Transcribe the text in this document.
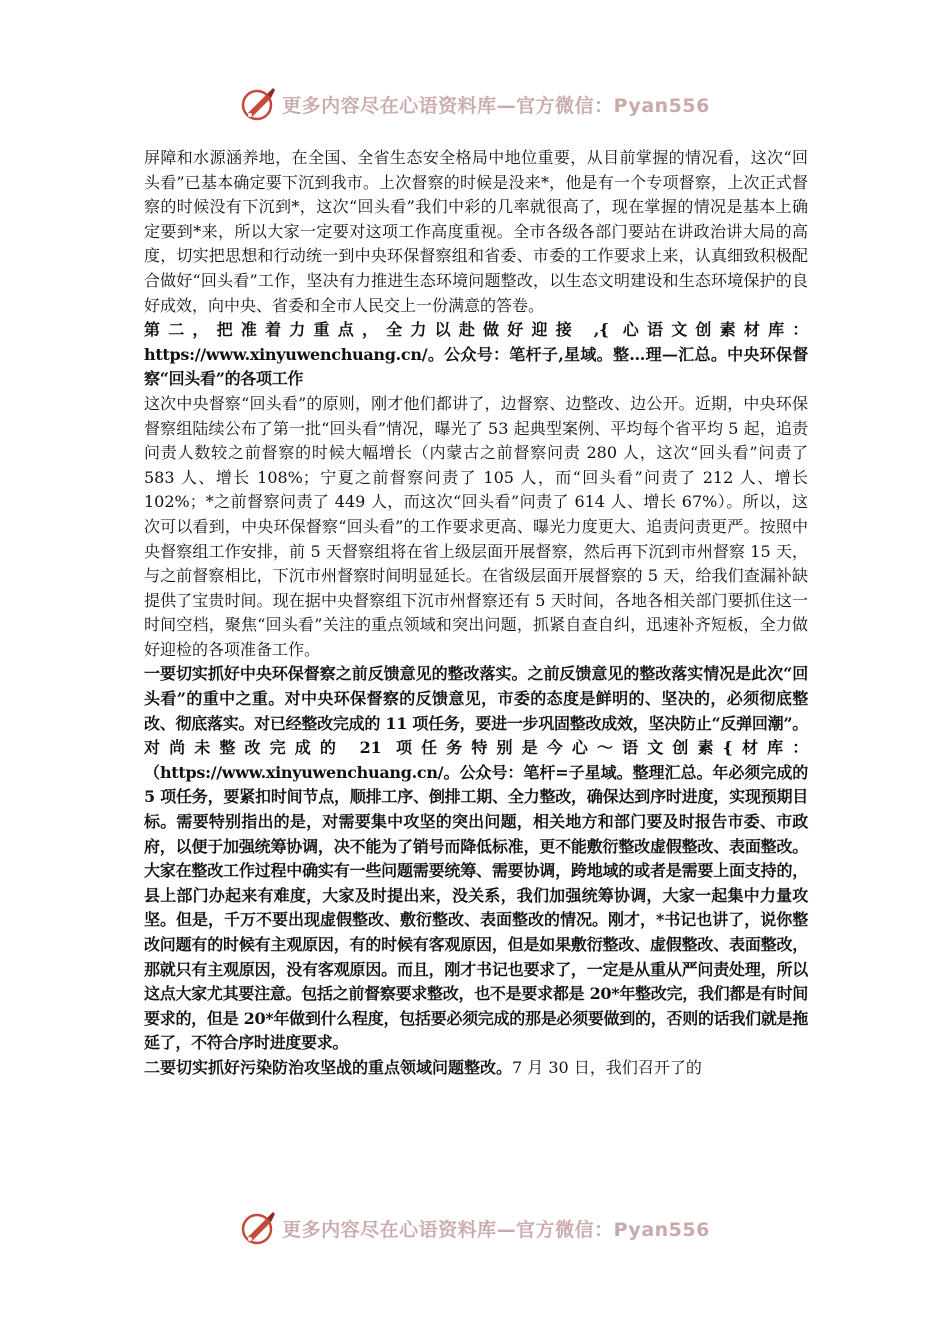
更多内容尽在心语资料库—官方微信：Pyan556

屏障和水源涵养地，在全国、全省生态安全格局中地位重要，从目前掌握的情况看，这次“回头看”已基本确定要下沉到我市。上次督察的时候是没来*，他是有一个专项督察，上次正式督察的时候没有下沉到*，这次“回头看”我们中彩的几率就很高了，现在掌握的情况是基本上确定要到*来，所以大家一定要对这项工作高度重视。全市各级各部门要站在讲政治讲大局的高度，切实把思想和行动统一到中央环保督察组和省委、市委的工作要求上来，认真细致积极配合做好“回头看”工作，坚决有力推进生态环境问题整改，以生态文明建设和生态环境保护的良好成效，向中央、省委和全市人民交上一份满意的答卷。

第二，把准着力重点，全力以赴做好迎接 ,{ 心语文创素材库： https://www.xinyuwenchuang.cn/。公众号：笔杆子,星域。整...理—汇总。中央环保督察“回头看”的各项工作

这次中央督察“回头看”的原则，刚才他们都讲了，边督察、边整改、边公开。近期，中央环保督察组陆续公布了第一批“回头看”情况，曝光了 53 起典型案例、平均每个省平均 5 起，追责问责人数较之前督察的时候大幅增长（内蒙古之前督察问责 280 人，这次“回头看”问责了 583 人、增长 108%；宁夏之前督察问责了 105 人，而“回头看”问责了 212 人、增长 102%；*之前督察问责了 449 人，而这次“回头看”问责了 614 人、增长 67%）。所以，这次可以看到，中央环保督察“回头看”的工作要求更高、曝光力度更大、追责问责更严。按照中央督察组工作安排，前 5 天督察组将在省上级层面开展督察，然后再下沉到市州督察 15 天，与之前督察相比，下沉市州督察时间明显延长。在省级层面开展督察的 5 天，给我们查漏补缺提供了宝贵时间。现在据中央督察组下沉市州督察还有 5 天时间，各地各相关部门要抓住这一时间空档，聚焦“回头看”关注的重点领域和突出问题，抓紧自查自纠，迅速补齐短板，全力做好迎检的各项准备工作。

一要切实抓好中央环保督察之前反馈意见的整改落实。之前反馈意见的整改落实情况是此次“回头看”的重中之重。对中央环保督察的反馈意见，市委的态度是鲜明的、坚决的，必须彻底整改、彻底落实。对已经整改完成的 11 项任务，要进一步巩固整改成效，坚决防止“反弹回潮”。对尚未整改完成的 21 项任务特别是今心～语文创素{材库：（https://www.xinyuwenchuang.cn/。公众号：笔杆=子星域。整理汇总。年必须完成的 5 项任务，要紧扣时间节点，顺排工序、倒排工期、全力整改，确保达到序时进度，实现预期目标。需要特别指出的是，对需要集中攻坚的突出问题，相关地方和部门要及时报告市委、市政府，以便于加强统筹协调，决不能为了销号而降低标准，更不能敷衍整改虚假整改、表面整改。大家在整改工作过程中确实有一些问题需要统筹、需要协调，跨地域的或者是需要上面支持的，县上部门办起来有难度，大家及时提出来，没关系，我们加强统筹协调，大家一起集中力量攻坚。但是，千万不要出现虚假整改、敷衍整改、表面整改的情况。刚才，*书记也讲了，说你整改问题有的时候有主观原因，有的时候有客观原因，但是如果敷衍整改、虚假整改、表面整改，那就只有主观原因，没有客观原因。而且，刚才书记也要求了，一定是从重从严问责处理，所以这点大家尤其要注意。包括之前督察要求整改，也不是要求都是 20*年整改完，我们都是有时间要求的，但是 20*年做到什么程度，包括要必须完成的那是必须要做到的，否则的话我们就是拖延了，不符合序时进度要求。

二要切实抓好污染防治攻坚战的重点领域问题整改。7 月 30 日，我们召开了的

更多内容尽在心语资料库—官方微信：Pyan556
